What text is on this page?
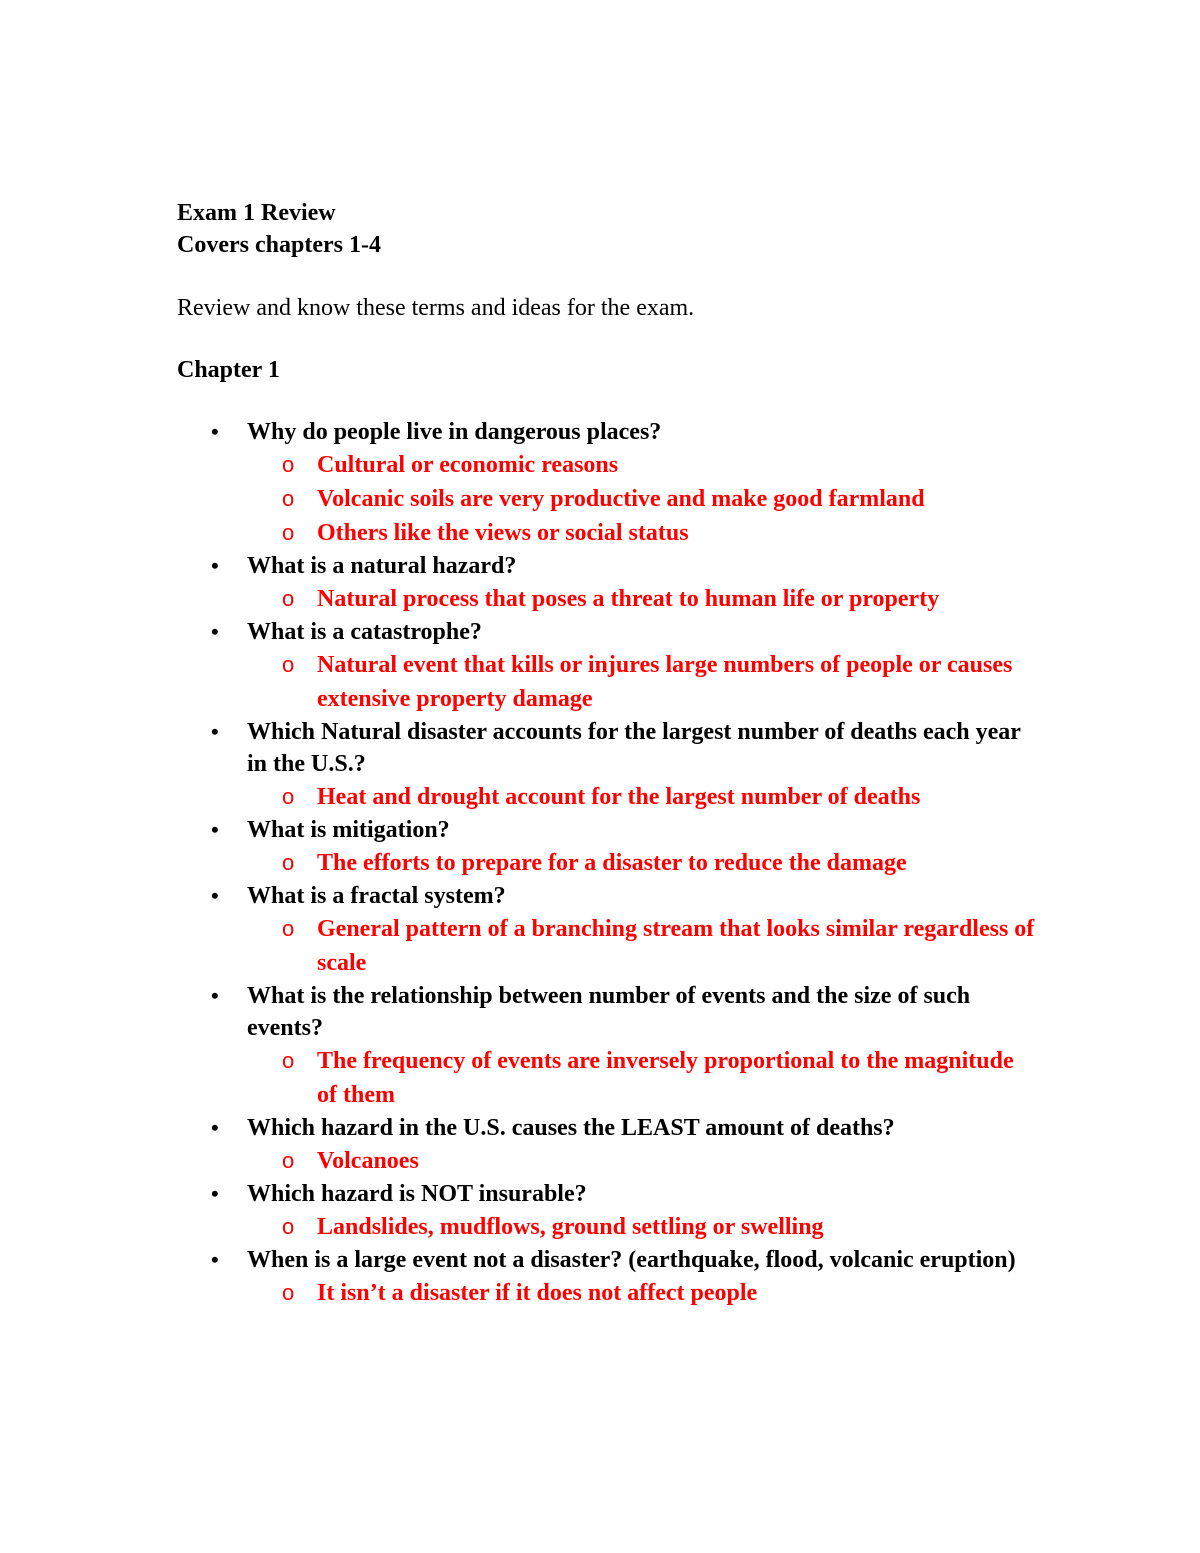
Exam 1 Review

Covers chapters 1-4

Review and know these terms and ideas for the exam.

Chapter 1

• Why do people live in dangerous places?
o Cultural or economic reasons
o Volcanic soils are very productive and make good farmland
o Others like the views or social status
• What is a natural hazard?
o Natural process that poses a threat to human life or property
• What is a catastrophe?
o Natural event that kills or injures large numbers of people or causes extensive property damage
• Which Natural disaster accounts for the largest number of deaths each year in the U.S.?
o Heat and drought account for the largest number of deaths
• What is mitigation?
o The efforts to prepare for a disaster to reduce the damage
• What is a fractal system?
o General pattern of a branching stream that looks similar regardless of scale
• What is the relationship between number of events and the size of such events?
o The frequency of events are inversely proportional to the magnitude of them
• Which hazard in the U.S. causes the LEAST amount of deaths?
o Volcanoes
• Which hazard is NOT insurable?
o Landslides, mudflows, ground settling or swelling
• When is a large event not a disaster? (earthquake, flood, volcanic eruption)
o It isn’t a disaster if it does not affect people
